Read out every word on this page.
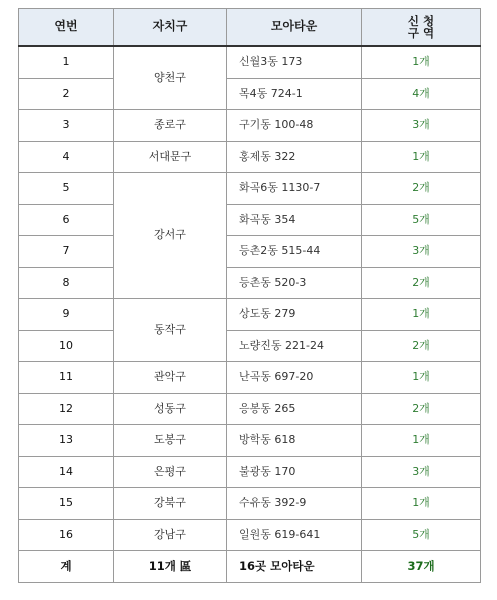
연번	자치구	모아타운	신 청
구 역

1	양천구	신월3동 173	1개
2		목4동 724-1	4개
3	종로구	구기동 100-48	3개
4	서대문구	홍제동 322	1개
5	강서구	화곡6동 1130-7	2개
6		화곡동 354	5개
7		등촌2동 515-44	3개
8		등촌동 520-3	2개
9	동작구	상도동 279	1개
10		노량진동 221-24	2개
11	관악구	난곡동 697-20	1개
12	성동구	응봉동 265	2개
13	도봉구	방학동 618	1개
14	은평구	불광동 170	3개
15	강북구	수유동 392-9	1개
16	강남구	일원동 619-641	5개
계	11개 區	16곳 모아타운	37개
